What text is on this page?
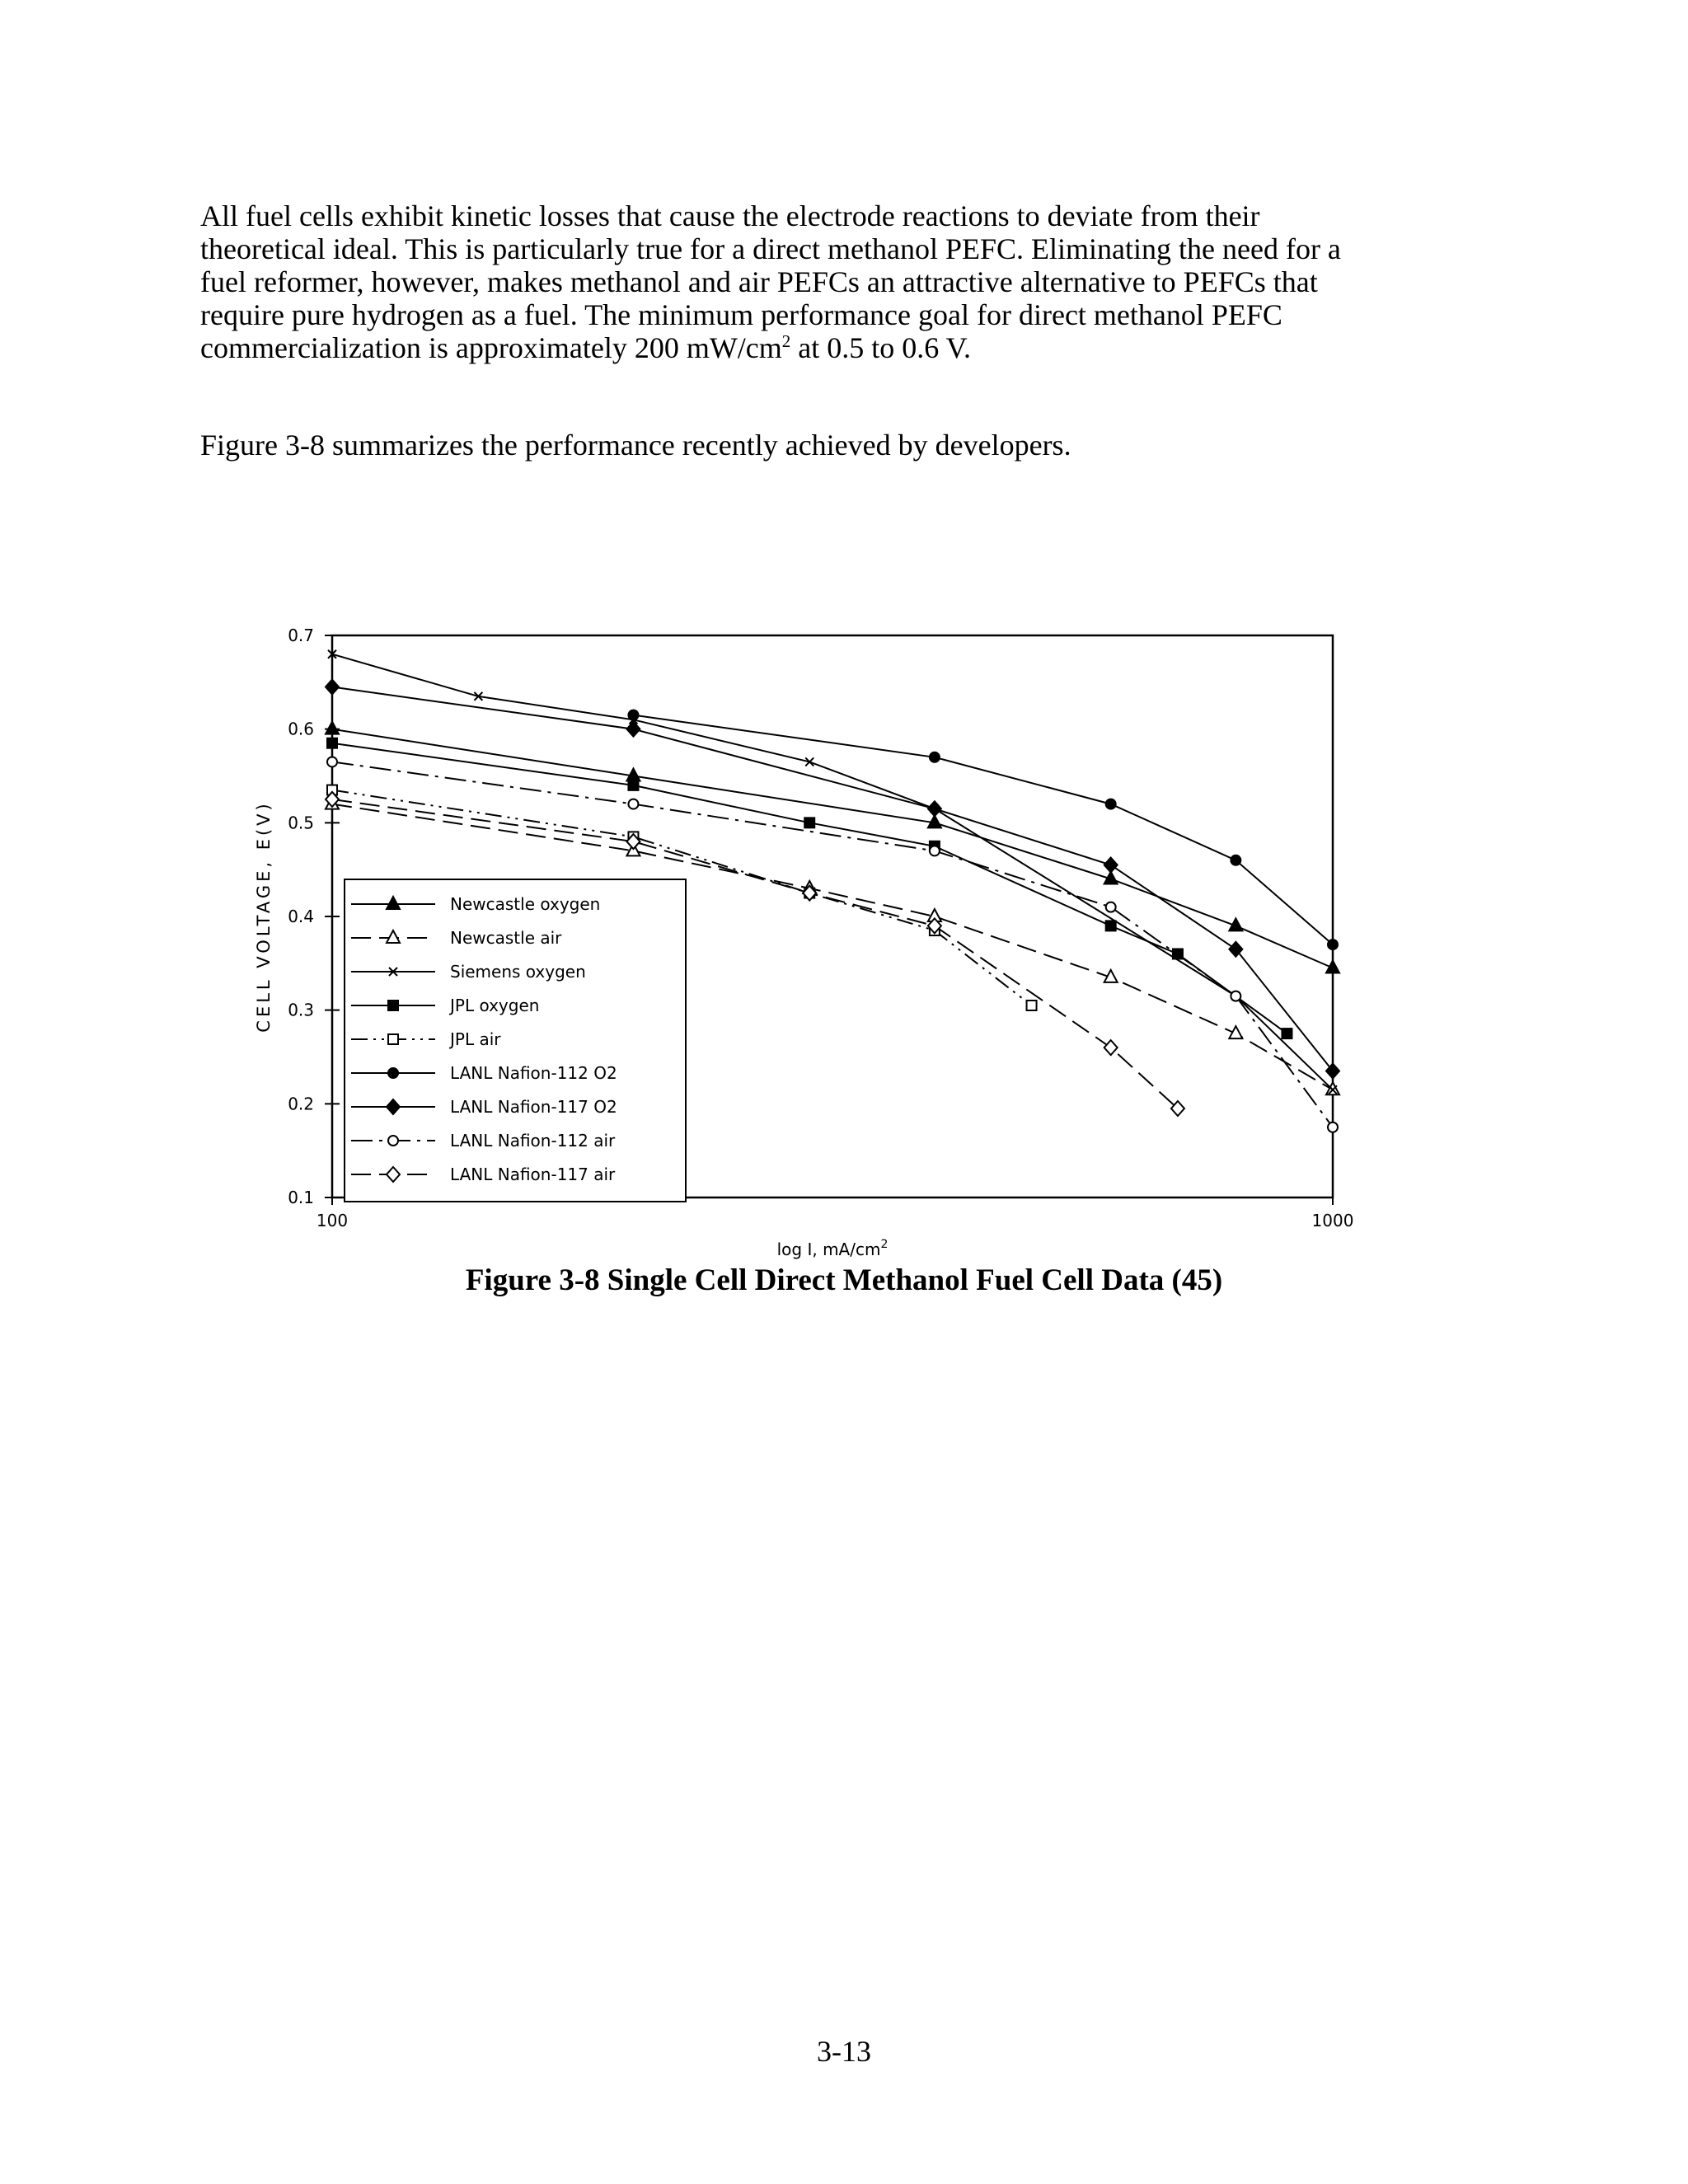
All fuel cells exhibit kinetic losses that cause the electrode reactions to deviate from their
theoretical ideal. This is particularly true for a direct methanol PEFC. Eliminating the need for a
fuel reformer, however, makes methanol and air PEFCs an attractive alternative to PEFCs that
require pure hydrogen as a fuel. The minimum performance goal for direct methanol PEFC
commercialization is approximately 200 $mW/cm^2$ at 0.5 to 0.6 V.

Figure 3-8 summarizes the performance recently achieved by developers.

0.1
0.2
0.3
0.4
0.5
0.6
0.7
100	1000
CELL VOLTAGE, E(V)
log I, $mA/cm^2$
Newcastle oxygen
Newcastle air
Siemens oxygen
JPL oxygen
JPL air
LANL Nafion-112 O2
LANL Nafion-117 O2
LANL Nafion-112 air
LANL Nafion-117 air
Figure 3-8 Single Cell Direct Methanol Fuel Cell Data (45)
3-13
